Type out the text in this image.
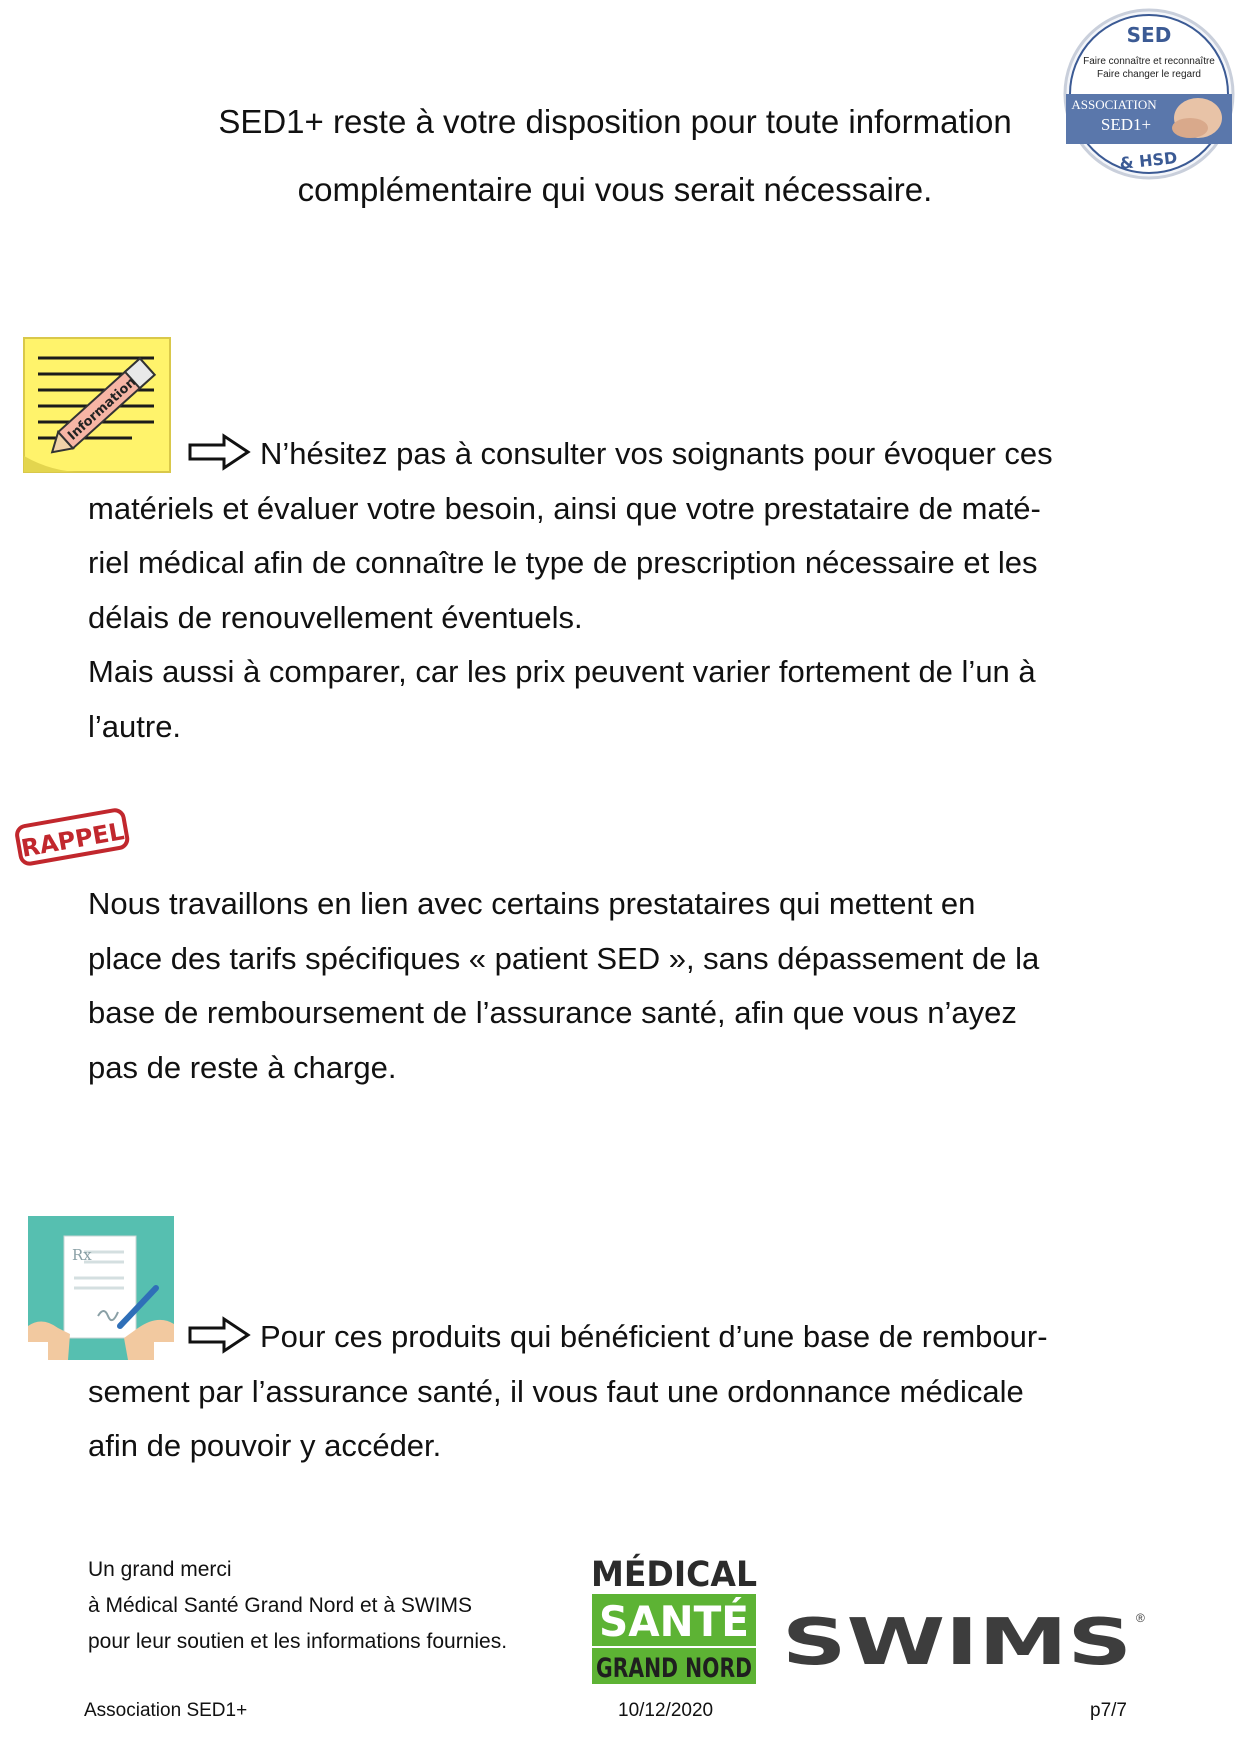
SED
Faire connaître et reconnaître
Faire changer le regard
ASSOCIATION
SED1+
& HSD
SED1+ reste à votre disposition pour toute information
complémentaire qui vous serait nécessaire.
Information
N’hésitez pas à consulter vos soignants pour évoquer ces
matériels et évaluer votre besoin, ainsi que votre prestataire de maté-
riel médical afin de connaître le type de prescription nécessaire et les
délais de renouvellement éventuels.
Mais aussi à comparer, car les prix peuvent varier fortement de l’un à
l’autre.
RAPPEL
Nous travaillons en lien avec certains prestataires qui mettent en
place des tarifs spécifiques « patient SED », sans dépassement de la
base de remboursement de l’assurance santé, afin que vous n’ayez
pas de reste à charge.
Rx
Pour ces produits qui bénéficient d’une base de rembour-
sement par l’assurance santé, il vous faut une ordonnance médicale
afin de pouvoir y accéder.
Un grand merci
à Médical Santé Grand Nord et à SWIMS
pour leur soutien et les informations fournies.
MÉDICAL
SANTÉ
GRAND NORD SWIMS ®
Association SED1+	10/12/2020	p7/7
